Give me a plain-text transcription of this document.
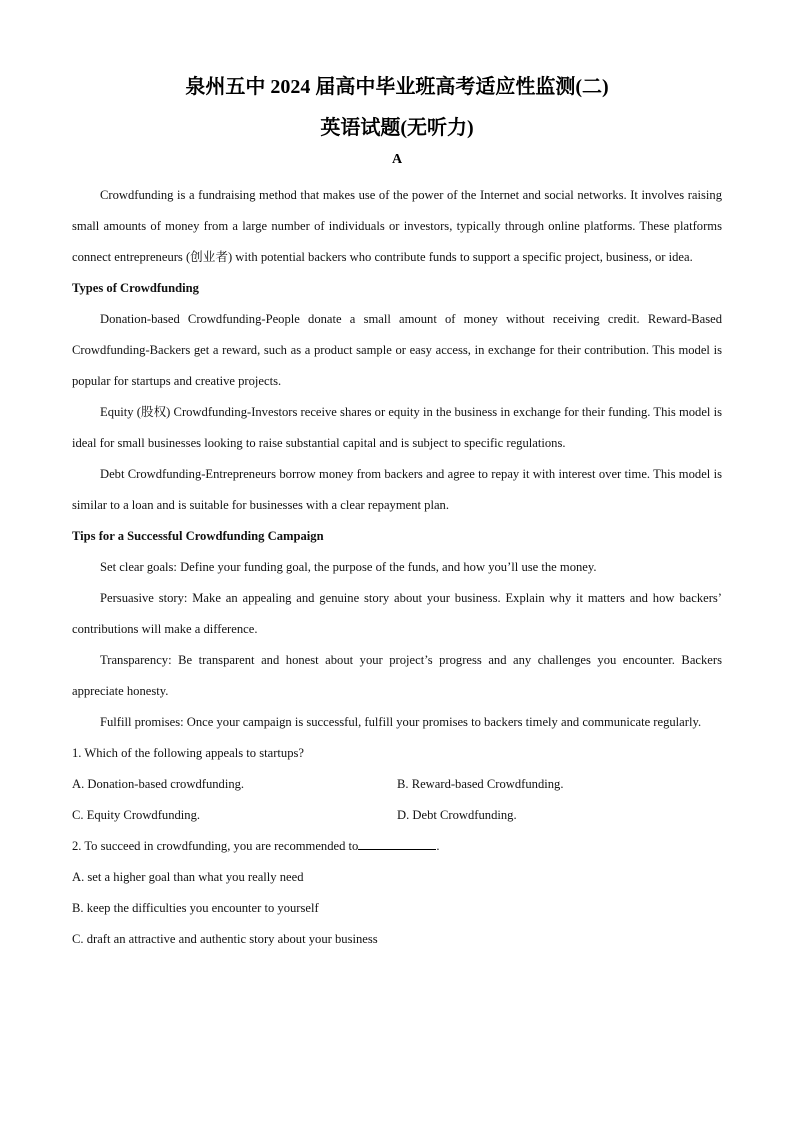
泉州五中 2024 届高中毕业班高考适应性监测(二)
英语试题(无听力)
A

Crowdfunding is a fundraising method that makes use of the power of the Internet and social networks. It involves raising small amounts of money from a large number of individuals or investors, typically through online platforms. These platforms connect entrepreneurs (创业者) with potential backers who contribute funds to support a specific project, business, or idea.

Types of Crowdfunding

Donation-based Crowdfunding-People donate a small amount of money without receiving credit. Reward-Based Crowdfunding-Backers get a reward, such as a product sample or easy access, in exchange for their contribution. This model is popular for startups and creative projects.

Equity (股权) Crowdfunding-Investors receive shares or equity in the business in exchange for their funding. This model is ideal for small businesses looking to raise substantial capital and is subject to specific regulations.

Debt Crowdfunding-Entrepreneurs borrow money from backers and agree to repay it with interest over time. This model is similar to a loan and is suitable for businesses with a clear repayment plan.

Tips for a Successful Crowdfunding Campaign

Set clear goals: Define your funding goal, the purpose of the funds, and how you’ll use the money.

Persuasive story: Make an appealing and genuine story about your business. Explain why it matters and how backers’ contributions will make a difference.

Transparency: Be transparent and honest about your project’s progress and any challenges you encounter. Backers appreciate honesty.

Fulfill promises: Once your campaign is successful, fulfill your promises to backers timely and communicate regularly.

1. Which of the following appeals to startups?

A. Donation-based crowdfunding.	B. Reward-based Crowdfunding.
C. Equity Crowdfunding.	D. Debt Crowdfunding.

2. To succeed in crowdfunding, you are recommended to	.

A. set a higher goal than what you really need

B. keep the difficulties you encounter to yourself

C. draft an attractive and authentic story about your business
